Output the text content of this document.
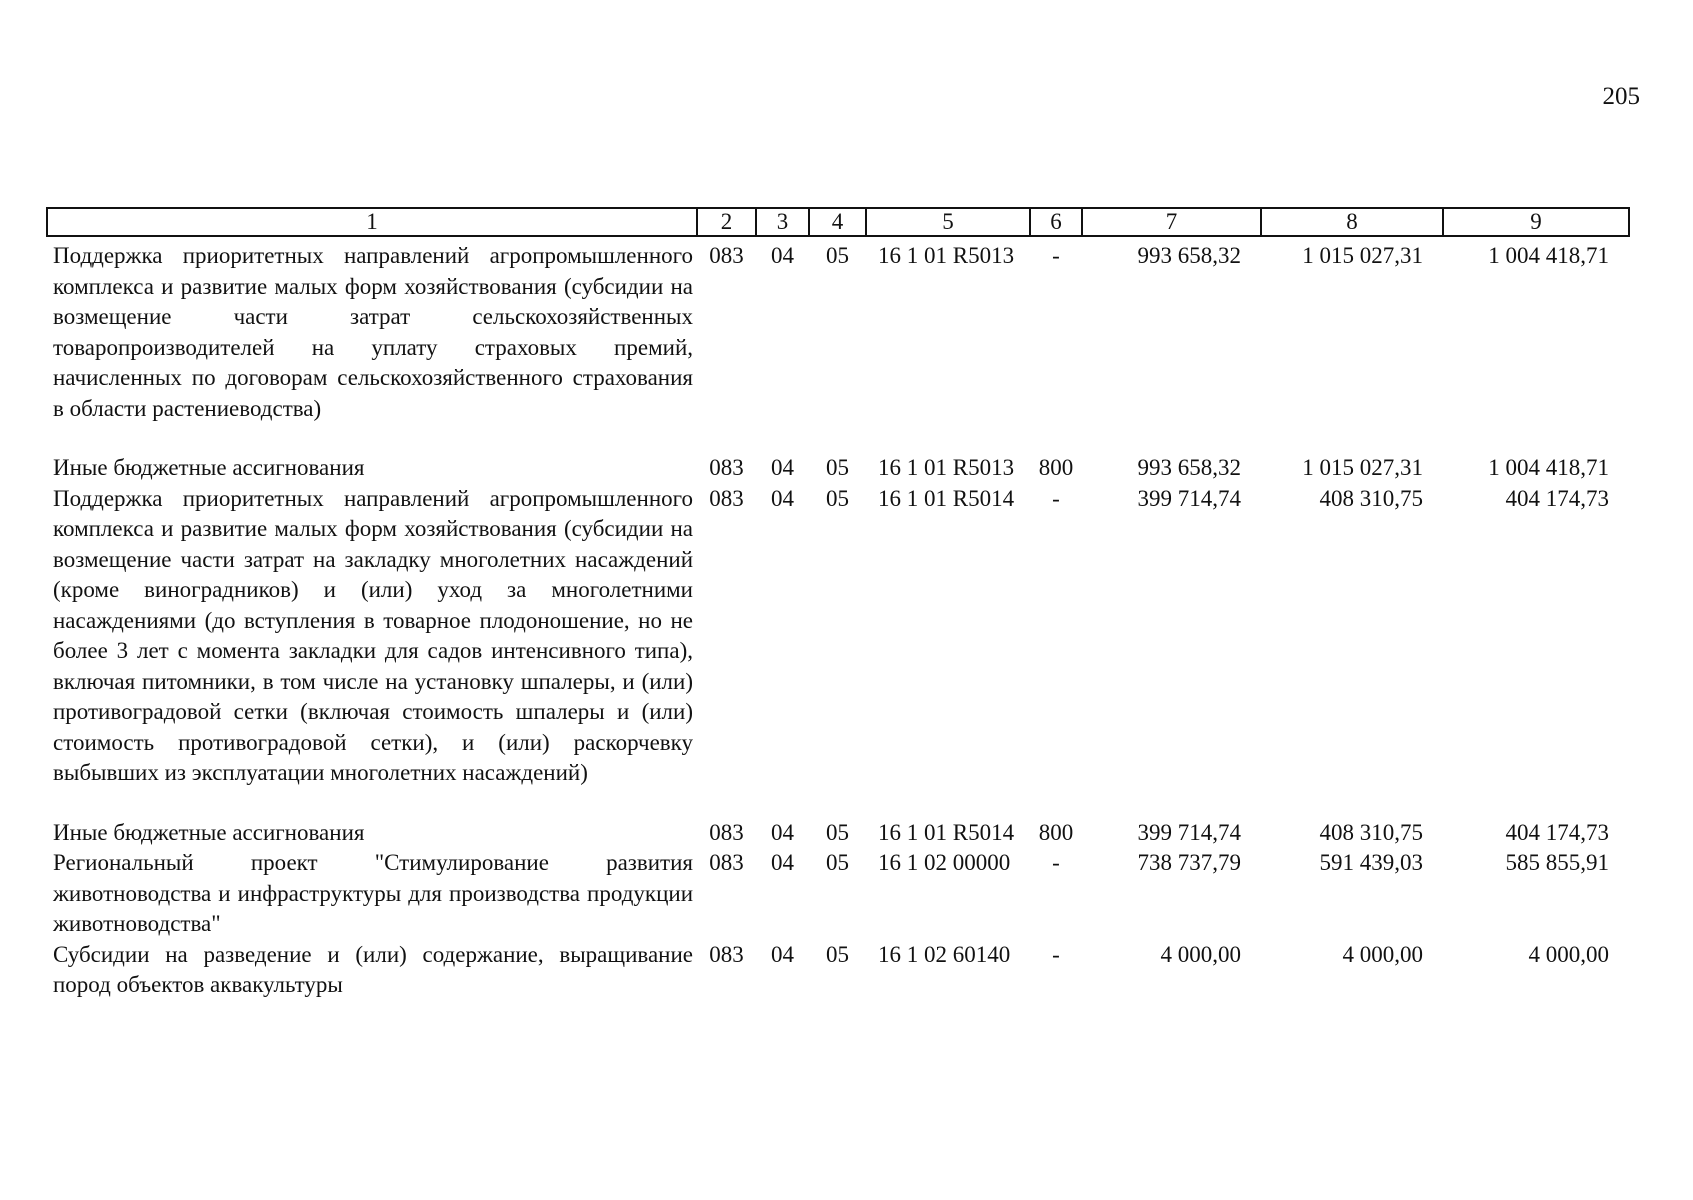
205
1	2	3	4	5	6	7	8	9
Поддержка приоритетных направлений агропромышленного комплекса и развитие малых форм хозяйствования (субсидии на возмещение части затрат сельскохозяйственных товаропроизводителей на уплату страховых премий, начисленных по договорам сельскохозяйственного страхования в области растениеводства)	083	04	05	16 1 01 R5013	-	993 658,32	1 015 027,31	1 004 418,71
Иные бюджетные ассигнования	083	04	05	16 1 01 R5013	800	993 658,32	1 015 027,31	1 004 418,71
Поддержка приоритетных направлений агропромышленного комплекса и развитие малых форм хозяйствования (субсидии на возмещение части затрат на закладку многолетних насаждений (кроме виноградников) и (или) уход за многолетними насаждениями (до вступления в товарное плодоношение, но не более 3 лет с момента закладки для садов интенсивного типа), включая питомники, в том числе на установку шпалеры, и (или) противоградовой сетки (включая стоимость шпалеры и (или) стоимость противоградовой сетки), и (или) раскорчевку выбывших из эксплуатации многолетних насаждений)	083	04	05	16 1 01 R5014	-	399 714,74	408 310,75	404 174,73
Иные бюджетные ассигнования	083	04	05	16 1 01 R5014	800	399 714,74	408 310,75	404 174,73
Региональный проект "Стимулирование развития животноводства и инфраструктуры для производства продукции животноводства"	083	04	05	16 1 02 00000	-	738 737,79	591 439,03	585 855,91
Субсидии на разведение и (или) содержание, выращивание пород объектов аквакультуры	083	04	05	16 1 02 60140	-	4 000,00	4 000,00	4 000,00
